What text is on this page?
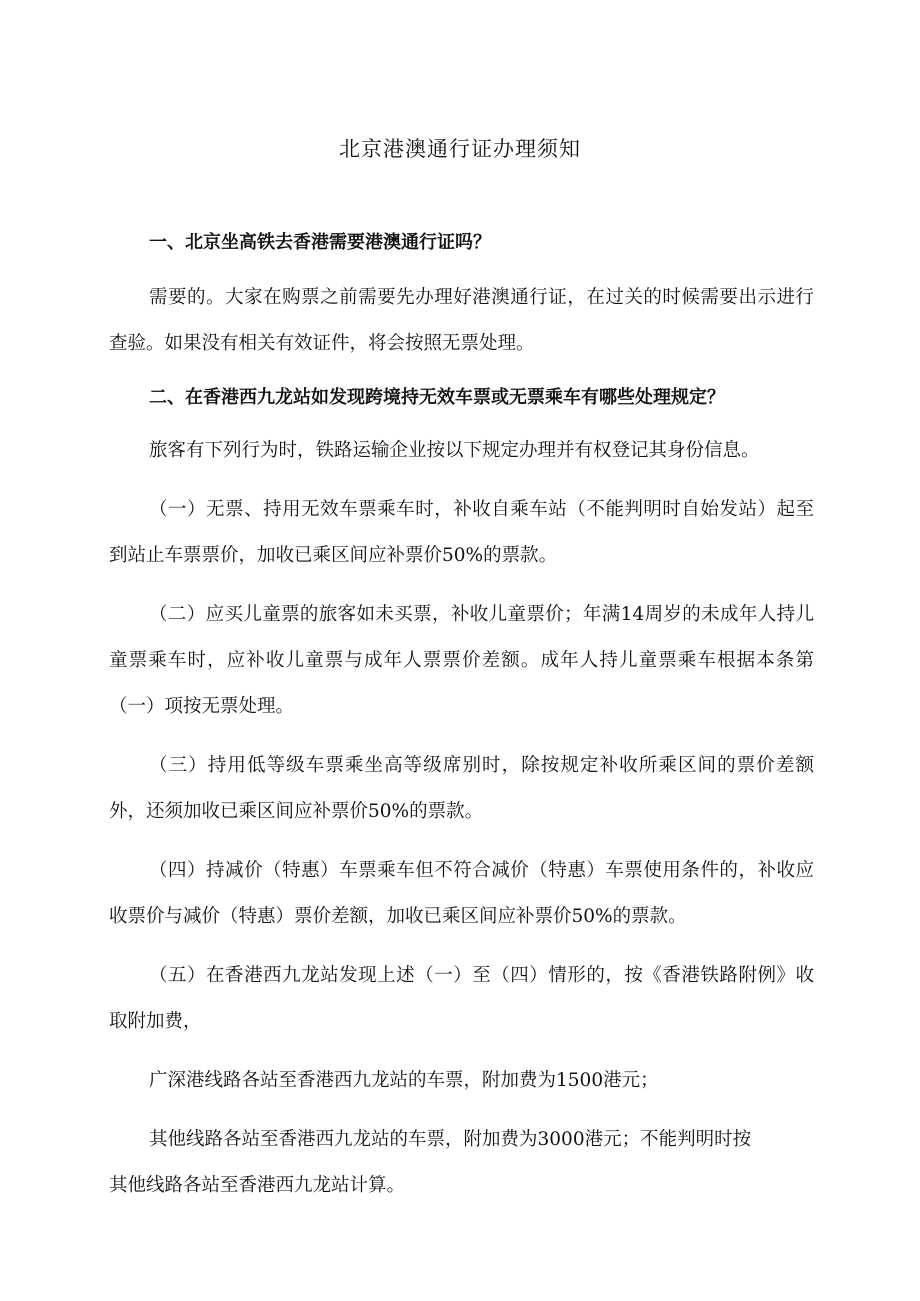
北京港澳通行证办理须知

一、北京坐高铁去香港需要港澳通行证吗？

需要的。大家在购票之前需要先办理好港澳通行证，在过关的时候需要出示进行查验。如果没有相关有效证件，将会按照无票处理。

二、在香港西九龙站如发现跨境持无效车票或无票乘车有哪些处理规定？

旅客有下列行为时，铁路运输企业按以下规定办理并有权登记其身份信息。

（一）无票、持用无效车票乘车时，补收自乘车站（不能判明时自始发站）起至到站止车票票价，加收已乘区间应补票价50%的票款。

（二）应买儿童票的旅客如未买票，补收儿童票价；年满14周岁的未成年人持儿童票乘车时，应补收儿童票与成年人票票价差额。成年人持儿童票乘车根据本条第（一）项按无票处理。

（三）持用低等级车票乘坐高等级席别时，除按规定补收所乘区间的票价差额外，还须加收已乘区间应补票价50%的票款。

（四）持减价（特惠）车票乘车但不符合减价（特惠）车票使用条件的，补收应收票价与减价（特惠）票价差额，加收已乘区间应补票价50%的票款。

（五）在香港西九龙站发现上述（一）至（四）情形的，按《香港铁路附例》收取附加费，

广深港线路各站至香港西九龙站的车票，附加费为1500港元；

其他线路各站至香港西九龙站的车票，附加费为3000港元；不能判明时按其他线路各站至香港西九龙站计算。
